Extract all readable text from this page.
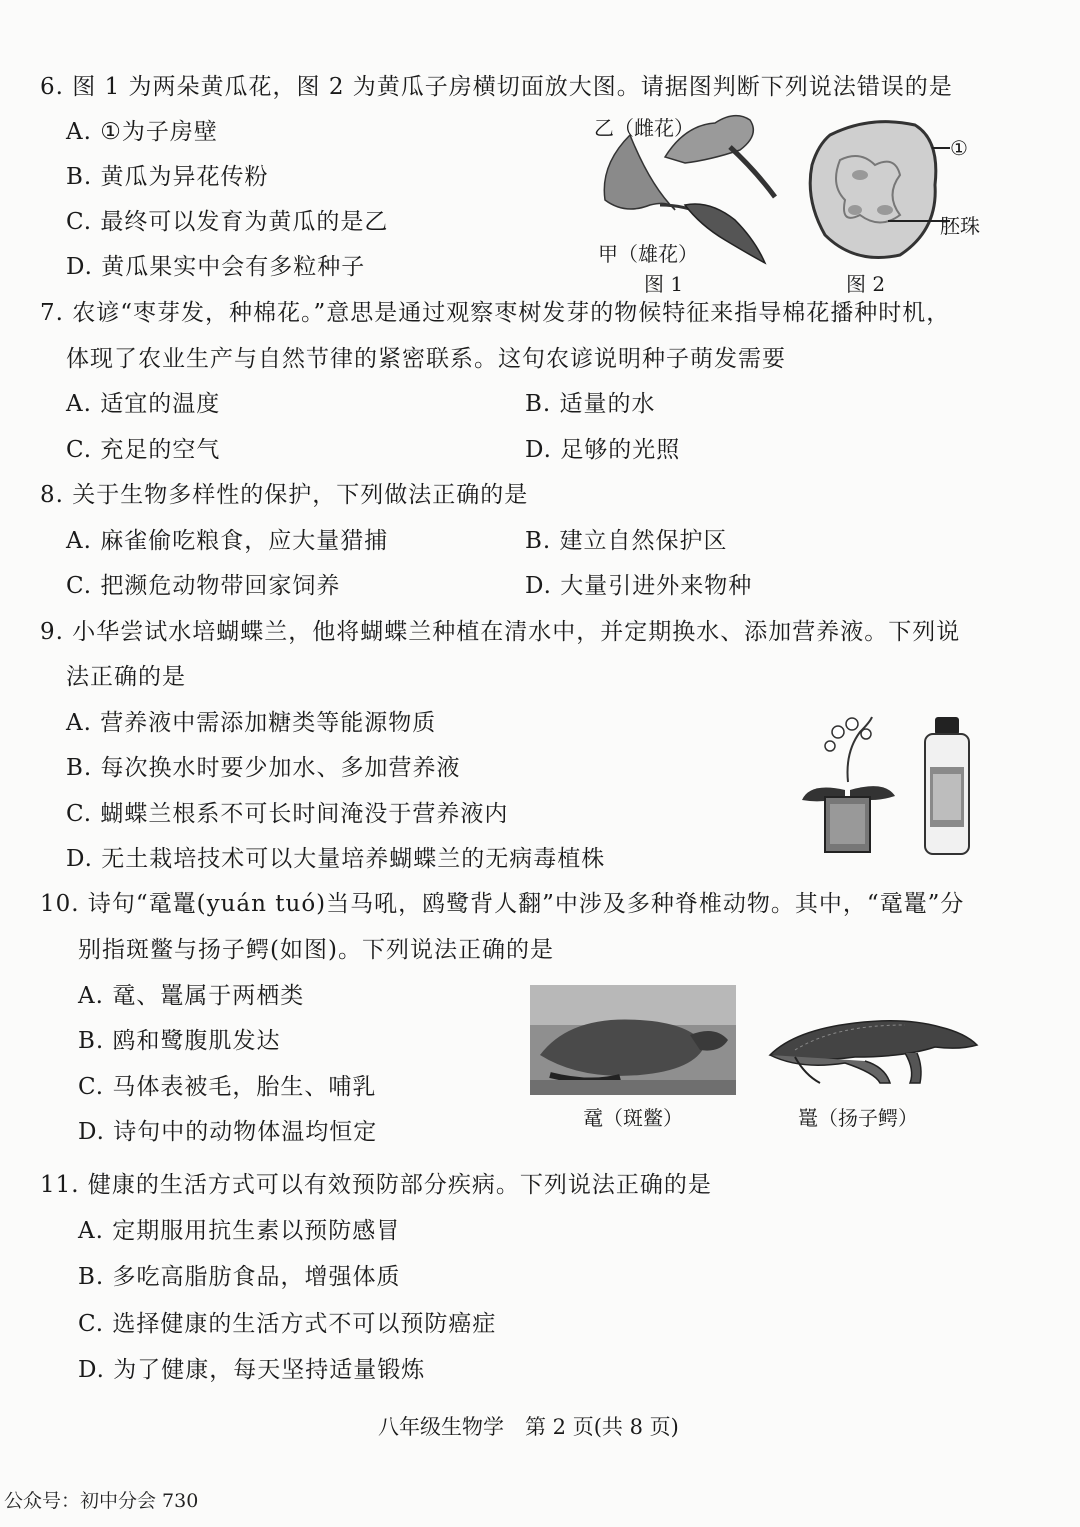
6. 图 1 为两朵黄瓜花，图 2 为黄瓜子房横切面放大图。请据图判断下列说法错误的是
A. ①为子房壁
B. 黄瓜为异花传粉
C. 最终可以发育为黄瓜的是乙
D. 黄瓜果实中会有多粒种子
乙（雌花）
甲（雄花）
图 1
①
胚珠
图 2
7. 农谚“枣芽发，种棉花。”意思是通过观察枣树发芽的物候特征来指导棉花播种时机，
体现了农业生产与自然节律的紧密联系。这句农谚说明种子萌发需要
A. 适宜的温度	B. 适量的水
C. 充足的空气	D. 足够的光照
8. 关于生物多样性的保护，下列做法正确的是
A. 麻雀偷吃粮食，应大量猎捕	B. 建立自然保护区
C. 把濒危动物带回家饲养	D. 大量引进外来物种
9. 小华尝试水培蝴蝶兰，他将蝴蝶兰种植在清水中，并定期换水、添加营养液。下列说
法正确的是
A. 营养液中需添加糖类等能源物质
B. 每次换水时要少加水、多加营养液
C. 蝴蝶兰根系不可长时间淹没于营养液内
D. 无土栽培技术可以大量培养蝴蝶兰的无病毒植株
10. 诗句“鼋鼍(yuán tuó)当马吼，鸥鹭背人翻”中涉及多种脊椎动物。其中，“鼋鼍”分
别指斑鳖与扬子鳄(如图)。下列说法正确的是
A. 鼋、鼍属于两栖类
B. 鸥和鹭腹肌发达
C. 马体表被毛，胎生、哺乳
D. 诗句中的动物体温均恒定
鼋（斑鳖）	鼍（扬子鳄）
11. 健康的生活方式可以有效预防部分疾病。下列说法正确的是
A. 定期服用抗生素以预防感冒
B. 多吃高脂肪食品，增强体质
C. 选择健康的生活方式不可以预防癌症
D. 为了健康，每天坚持适量锻炼
八年级生物学　第 2 页(共 8 页)
公众号：初中分会 730
